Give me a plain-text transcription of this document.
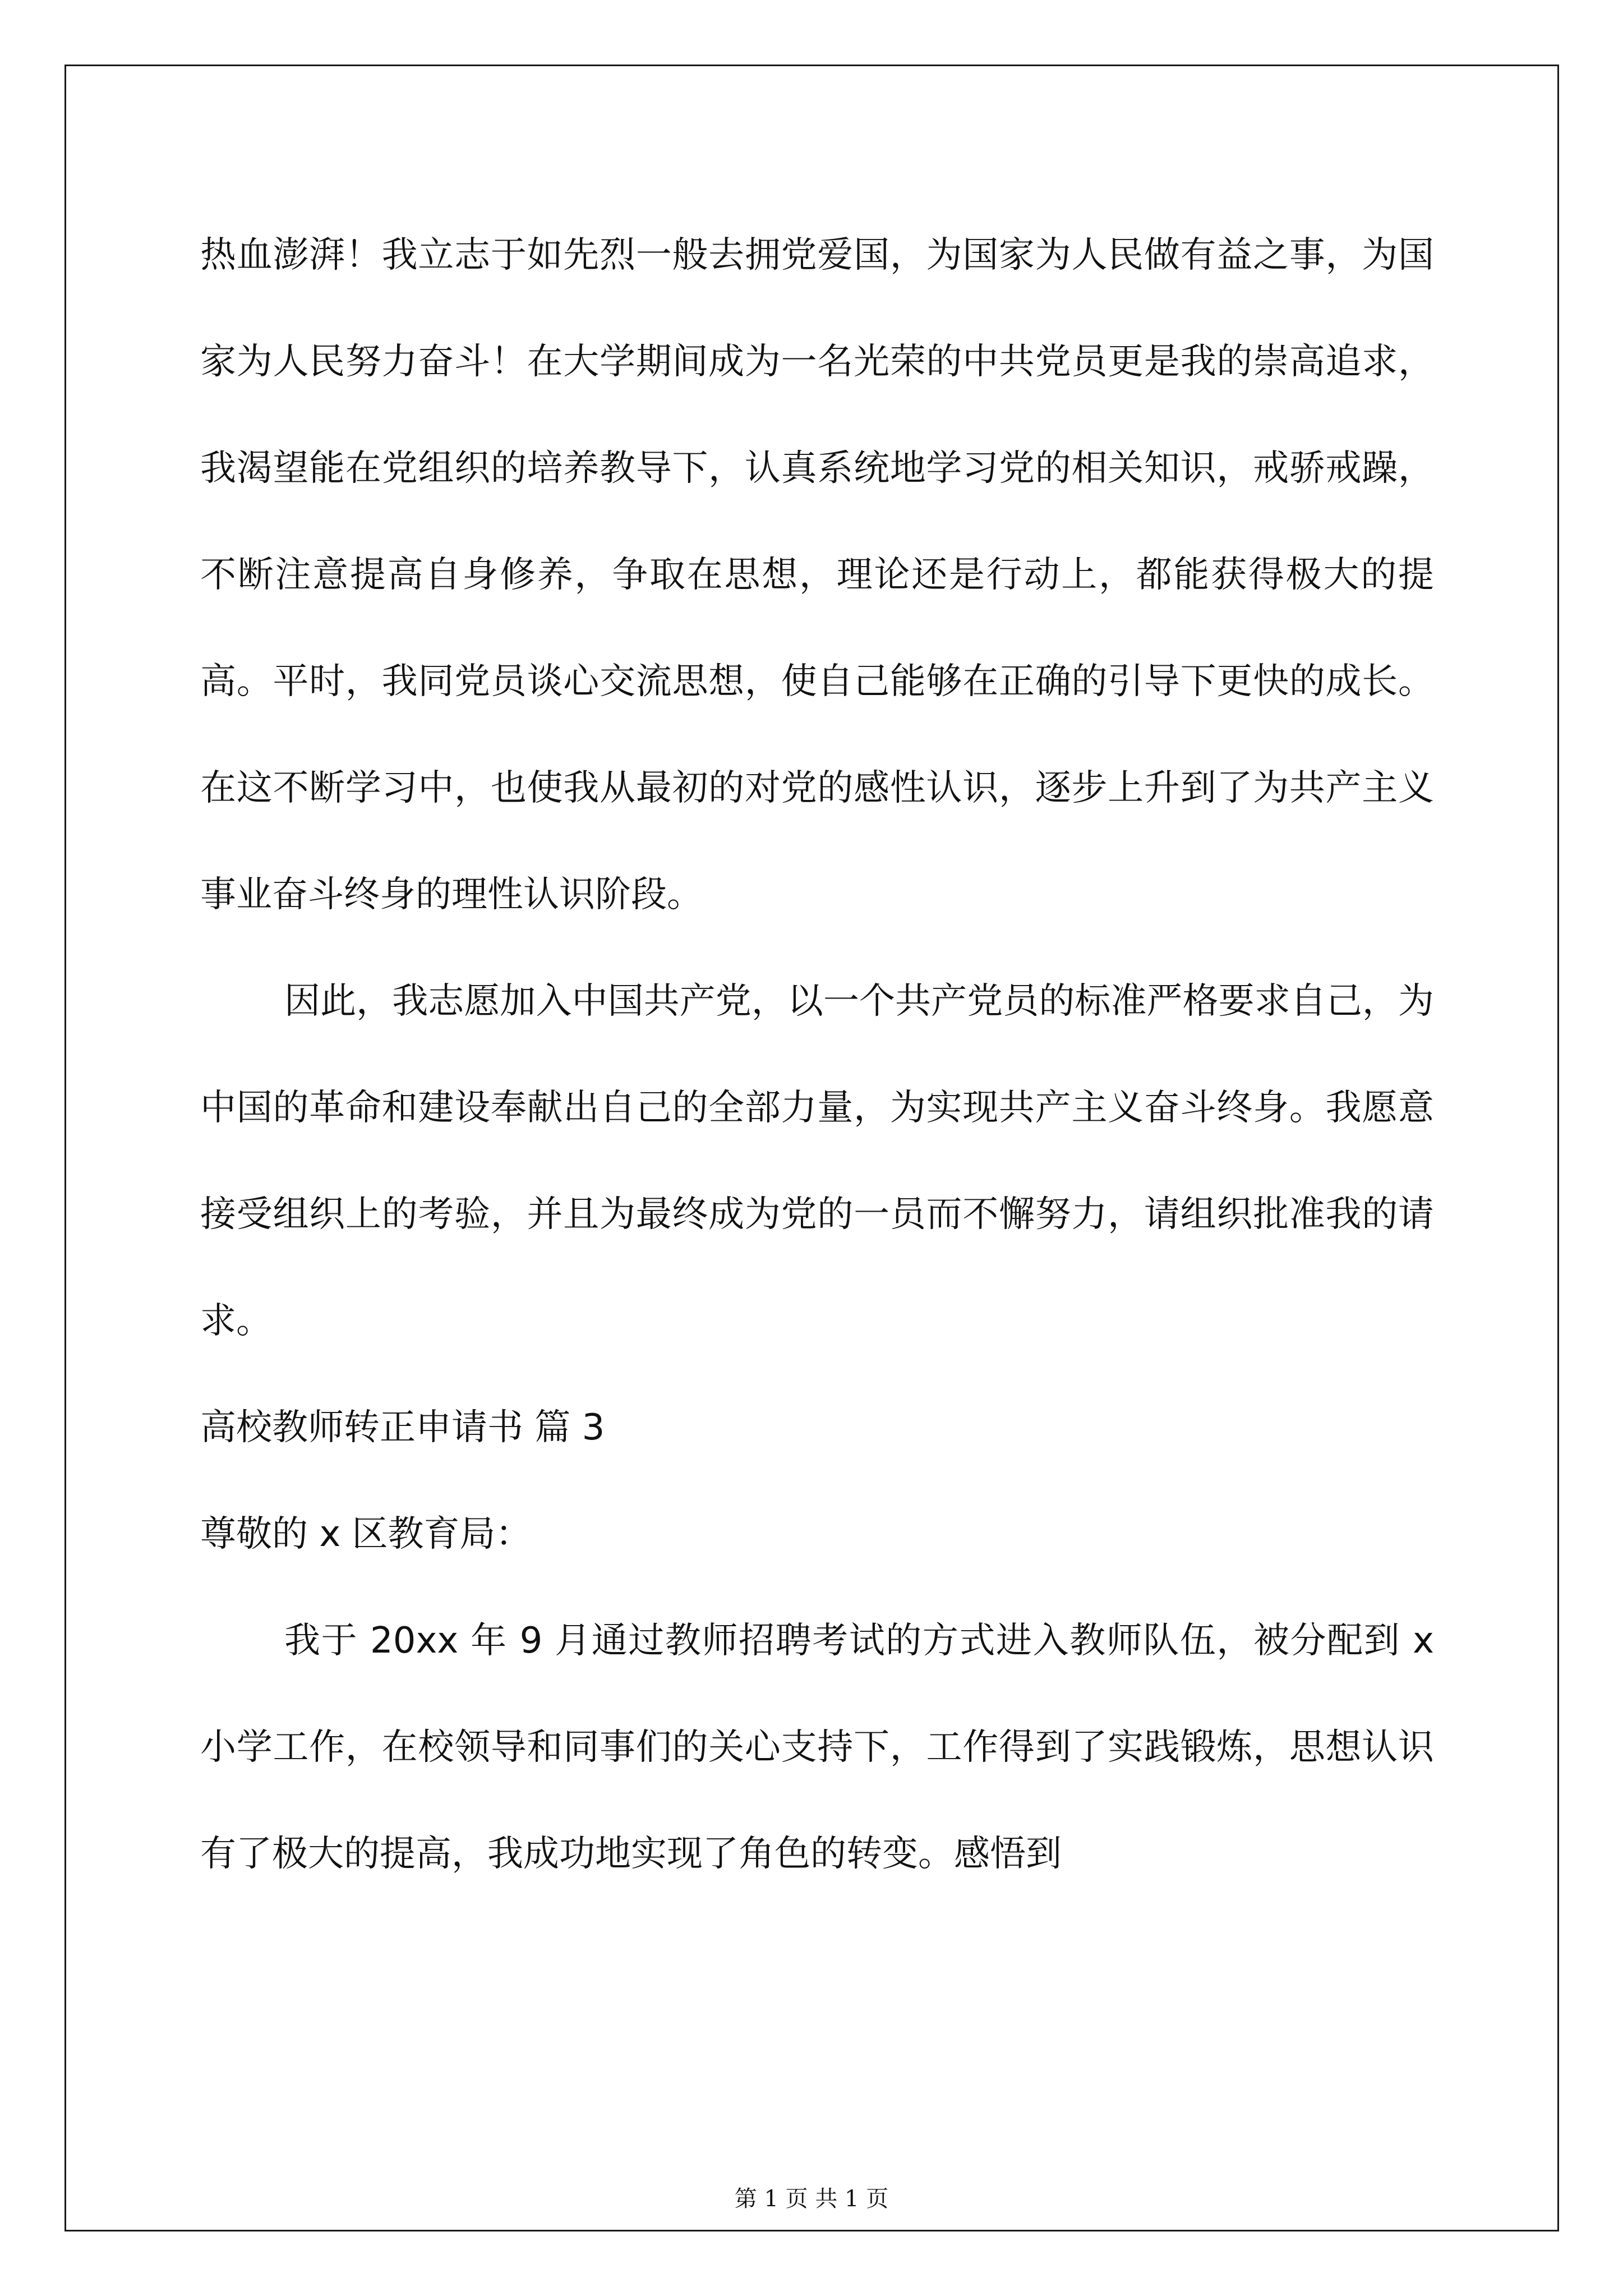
热血澎湃！我立志于如先烈一般去拥党爱国，为国家为人民做有益之事，为国家为人民努力奋斗！在大学期间成为一名光荣的中共党员更是我的崇高追求，我渴望能在党组织的培养教导下，认真系统地学习党的相关知识，戒骄戒躁，不断注意提高自身修养，争取在思想，理论还是行动上，都能获得极大的提高。平时，我同党员谈心交流思想，使自己能够在正确的引导下更快的成长。在这不断学习中，也使我从最初的对党的感性认识，逐步上升到了为共产主义事业奋斗终身的理性认识阶段。

因此，我志愿加入中国共产党，以一个共产党员的标准严格要求自己，为中国的革命和建设奉献出自己的全部力量，为实现共产主义奋斗终身。我愿意接受组织上的考验，并且为最终成为党的一员而不懈努力，请组织批准我的请求。

高校教师转正申请书 篇 3

尊敬的 x 区教育局：

我于 20xx 年 9 月通过教师招聘考试的方式进入教师队伍，被分配到 x 小学工作，在校领导和同事们的关心支持下，工作得到了实践锻炼，思想认识有了极大的提高，我成功地实现了角色的转变。感悟到

第 1 页 共 1 页
